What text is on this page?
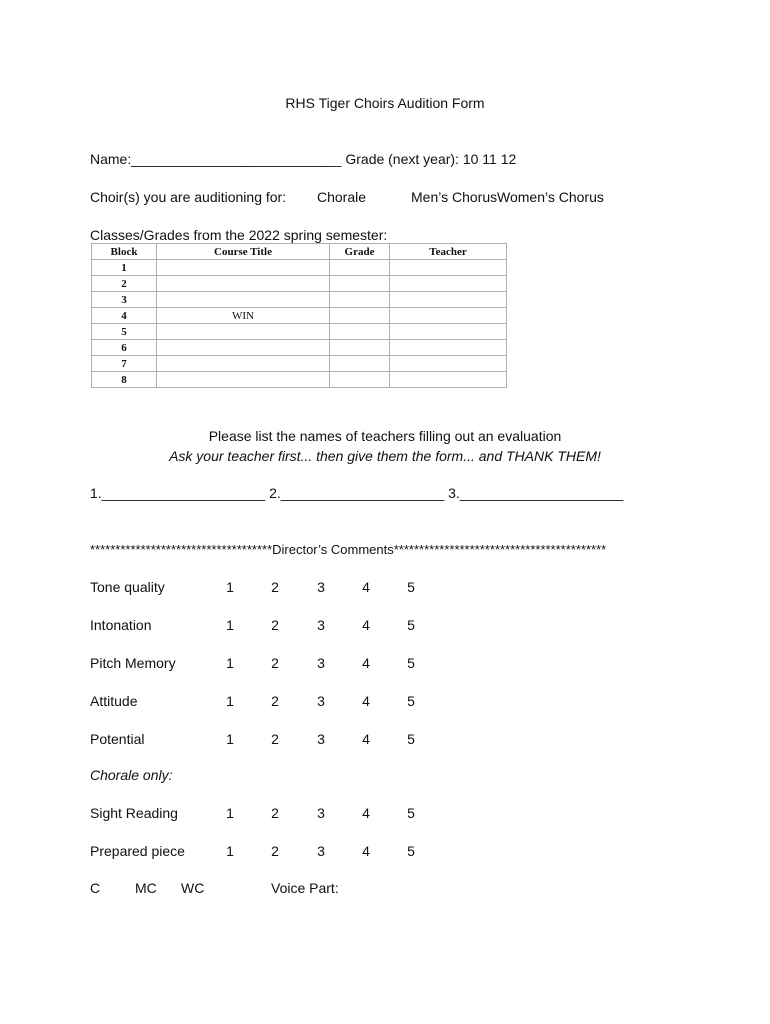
RHS Tiger Choirs Audition Form
Name:___________________________ Grade (next year): 10 11 12
Choir(s) you are auditioning for: Chorale	Men’s Chorus Women’s Chorus
Classes/Grades from the 2022 spring semester:
Block	Course Title	Grade	Teacher
1			
2			
3			
4	WIN		
5			
6			
7			
8			
Please list the names of teachers filling out an evaluation
Ask your teacher first... then give them the form... and THANK THEM!
1._____________________ 2._____________________ 3._____________________
************************************Director’s Comments******************************************
Tone quality	1	2	3	4	5
Intonation	1	2	3	4	5
Pitch Memory	1	2	3	4	5
Attitude	1	2	3	4	5
Potential	1	2	3	4	5
Chorale only:
Sight Reading	1	2	3	4	5
Prepared piece	1	2	3	4	5
C MC WC	Voice Part:
